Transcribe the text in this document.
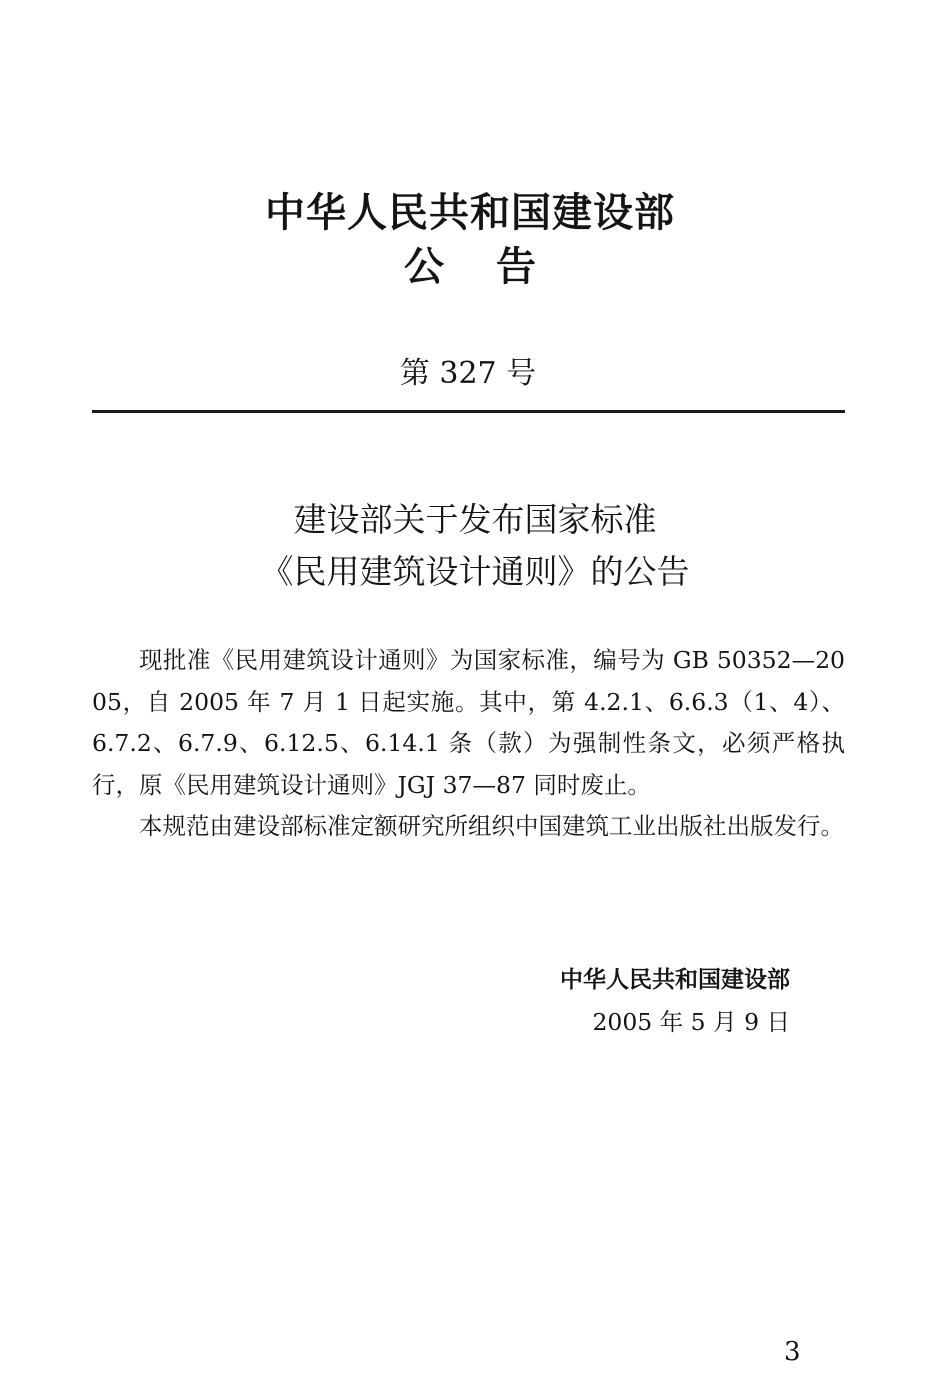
中华人民共和国建设部
公告
第 327 号
建设部关于发布国家标准
《民用建筑设计通则》的公告

现批准《民用建筑设计通则》为国家标准，编号为 GB 50352—2005，自 2005 年 7 月 1 日起实施。其中，第 4.2.1、6.6.3（1、4）、6.7.2、6.7.9、6.12.5、6.14.1 条（款）为强制性条文，必须严格执行，原《民用建筑设计通则》JGJ 37—87 同时废止。

本规范由建设部标准定额研究所组织中国建筑工业出版社出版发行。

中华人民共和国建设部
2005 年 5 月 9 日
3
